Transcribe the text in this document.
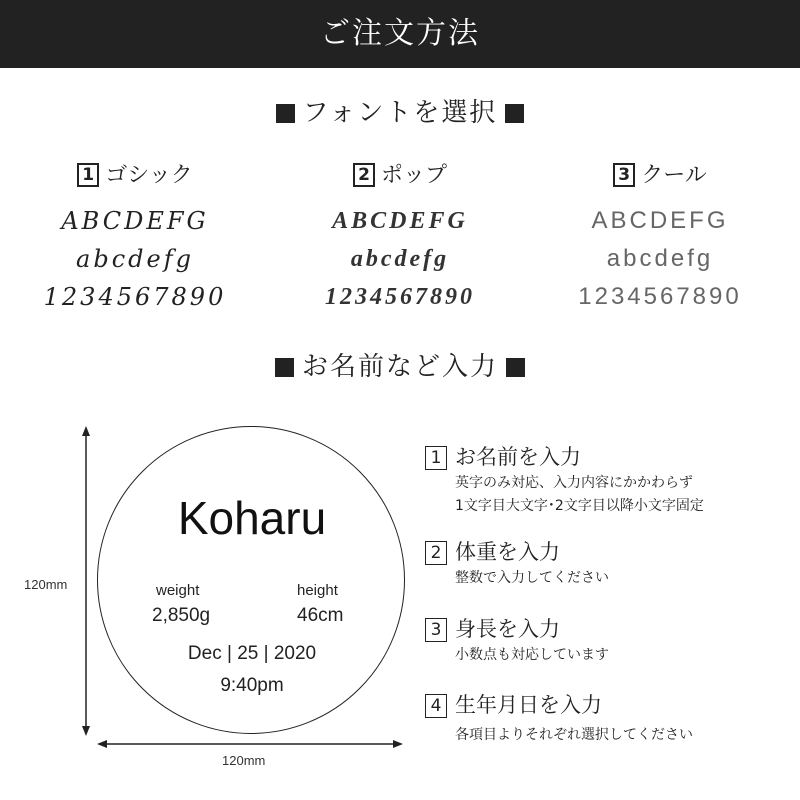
ご注文方法
フォントを選択
1 ゴシック
ABCDEFG
abcdefg
1234567890
2 ポップ
ABCDEFG
abcdefg
1234567890
3 クール
ABCDEFG
abcdefg
1234567890
お名前など入力
120mm
120mm
Koharu
weight
2,850g
height
46cm
Dec | 25 | 2020
9:40pm
1 お名前を入力
英字のみ対応、入力内容にかかわらず
1文字目大文字･2文字目以降小文字固定
2 体重を入力
整数で入力してください
3 身長を入力
小数点も対応しています
4 生年月日を入力
各項目よりそれぞれ選択してください
